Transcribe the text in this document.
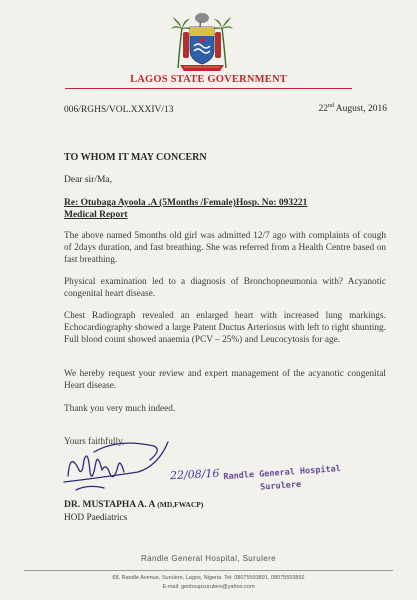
LAGOS STATE GOVERNMENT
006/RGHS/VOL.XXXIV/13	22nd August, 2016
TO WHOM IT MAY CONCERN
Dear sir/Ma,
Re: Otubaga Ayoola .A (5Months /Female)Hosp. No: 093221
Medical Report
The above named 5months old girl was admitted 12/7 ago with complaints of cough of 2days duration, and fast breathing. She was referred from a Health Centre based on fast breathing.
Physical examination led to a diagnosis of Bronchopneumonia with? Acyanotic congenital heart disease.
Chest Radiograph revealed an enlarged heart with increased lung markings. Echocardiography showed a large Patent Ductus Arteriosus with left to right shunting. Full blood count showed anaemia (PCV – 25%) and Leucocytosis for age.
We hereby request your review and expert management of the acyanotic congenital Heart disease.
Thank you very much indeed.
Yours faithfully,
22/08/16 Randle General Hospital
Surulere
DR. MUSTAPHA A. A (MD,FWACP)
HOD Paediatrics
Randle General Hospital, Surulere
68, Randle Avenue, Surulere, Lagos, Nigeria. Tel: 08075593891, 08075593892
E-mail: genhospsurulere@yahoo.com
